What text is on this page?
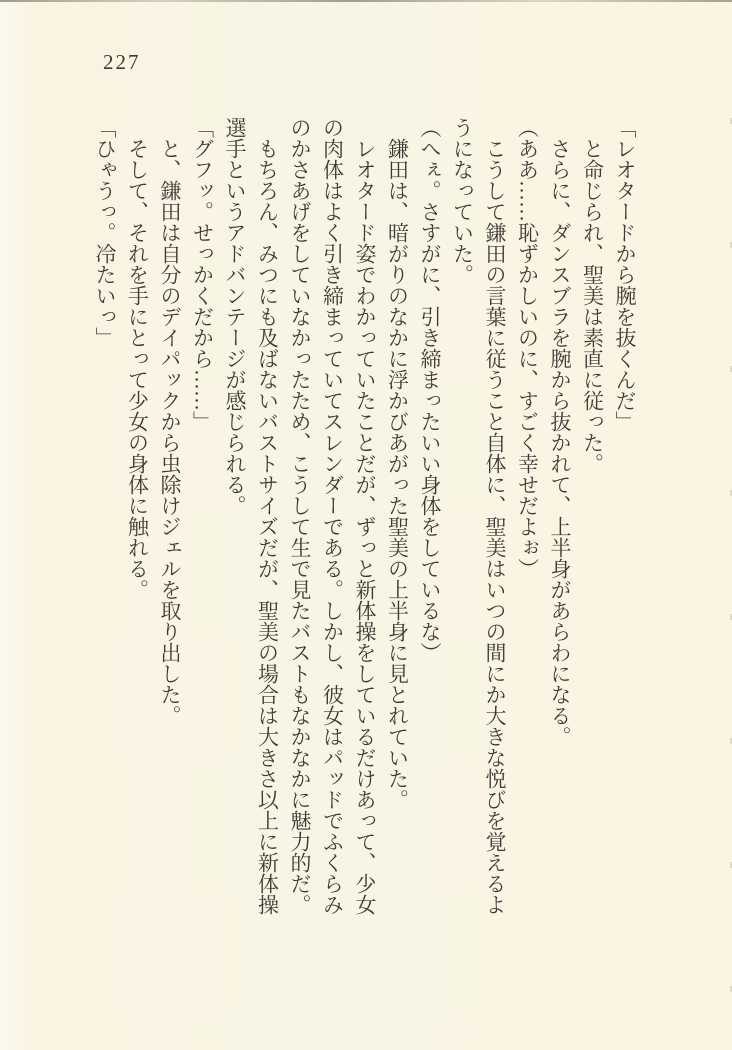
227
「レオタードから腕を抜くんだ」
と命じられ、聖美は素直に従った。
さらに、ダンスブラを腕から抜かれて、上半身があらわになる。
（ああ……恥ずかしいのに、すごく幸せだよぉ）
こうして鎌田の言葉に従うこと自体に、聖美はいつの間にか大きな悦びを覚えるよ
うになっていた。
（へぇ。さすがに、引き締まったいい身体をしているな）
鎌田は、暗がりのなかに浮かびあがった聖美の上半身に見とれていた。
レオタード姿でわかっていたことだが、ずっと新体操をしているだけあって、少女
の肉体はよく引き締まっていてスレンダーである。しかし、彼女はパッドでふくらみ
のかさあげをしていなかったため、こうして生で見たバストもなかなかに魅力的だ。
もちろん、みつにも及ばないバストサイズだが、聖美の場合は大きさ以上に新体操
選手というアドバンテージが感じられる。
「グフッ。せっかくだから……」
と、鎌田は自分のデイパックから虫除けジェルを取り出した。
そして、それを手にとって少女の身体に触れる。
「ひゃうっ。冷たいっ」
